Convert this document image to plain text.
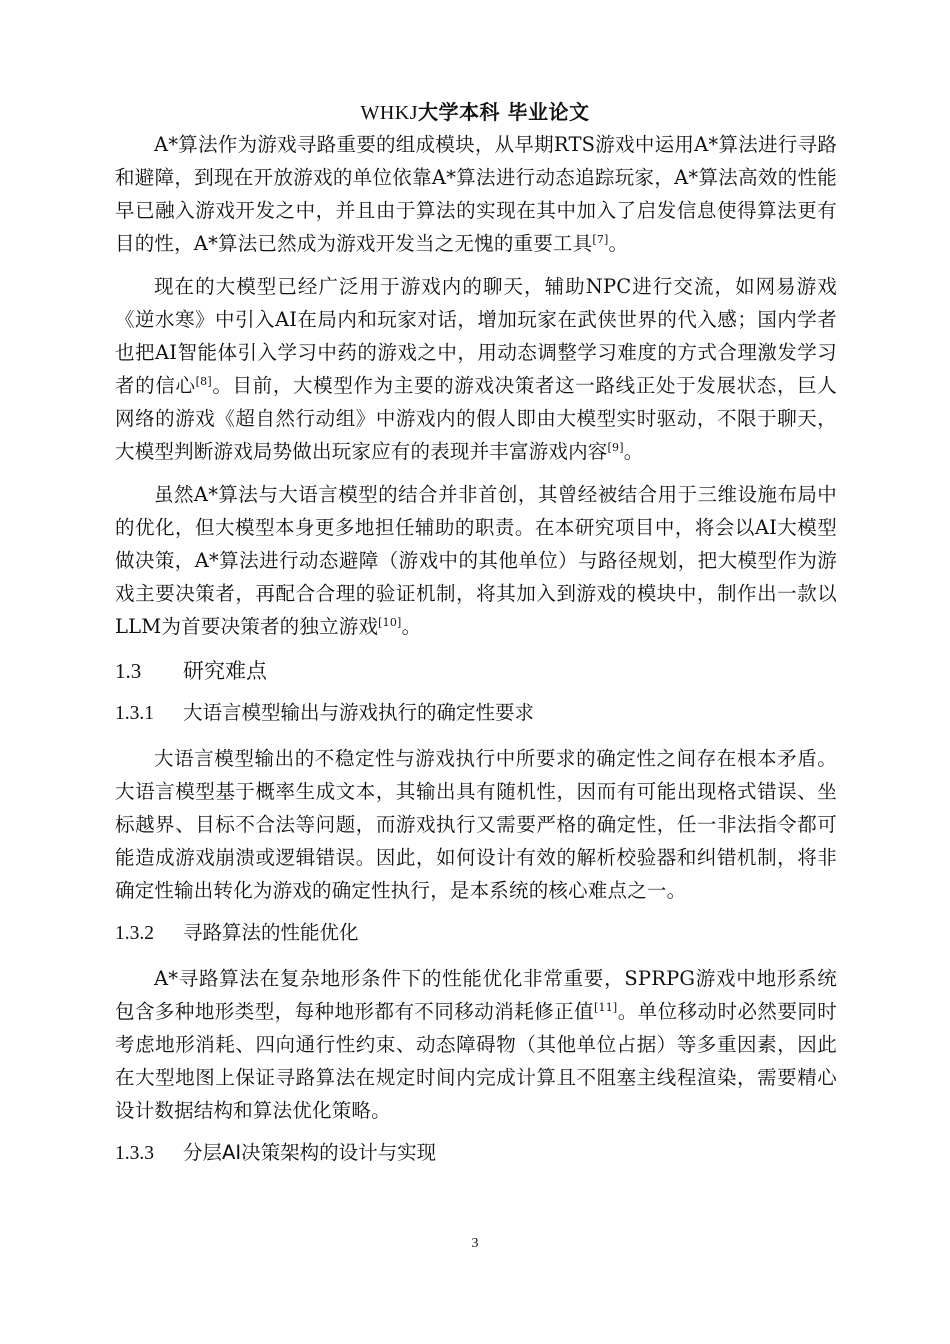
WHKJ大学本科 毕业论文

A*算法作为游戏寻路重要的组成模块，从早期RTS游戏中运用A*算法进行寻路和避障，到现在开放游戏的单位依靠A*算法进行动态追踪玩家，A*算法高效的性能早已融入游戏开发之中，并且由于算法的实现在其中加入了启发信息使得算法更有目的性，A*算法已然成为游戏开发当之无愧的重要工具[7]。

现在的大模型已经广泛用于游戏内的聊天，辅助NPC进行交流，如网易游戏《逆水寒》中引入AI在局内和玩家对话，增加玩家在武侠世界的代入感；国内学者也把AI智能体引入学习中药的游戏之中，用动态调整学习难度的方式合理激发学习者的信心[8]。目前，大模型作为主要的游戏决策者这一路线正处于发展状态，巨人网络的游戏《超自然行动组》中游戏内的假人即由大模型实时驱动，不限于聊天，大模型判断游戏局势做出玩家应有的表现并丰富游戏内容[9]。

虽然A*算法与大语言模型的结合并非首创，其曾经被结合用于三维设施布局中的优化，但大模型本身更多地担任辅助的职责。在本研究项目中，将会以AI大模型做决策，A*算法进行动态避障（游戏中的其他单位）与路径规划，把大模型作为游戏主要决策者，再配合合理的验证机制，将其加入到游戏的模块中，制作出一款以LLM为首要决策者的独立游戏[10]。

1.3 研究难点
1.3.1 大语言模型输出与游戏执行的确定性要求

大语言模型输出的不稳定性与游戏执行中所要求的确定性之间存在根本矛盾。大语言模型基于概率生成文本，其输出具有随机性，因而有可能出现格式错误、坐标越界、目标不合法等问题，而游戏执行又需要严格的确定性，任一非法指令都可能造成游戏崩溃或逻辑错误。因此，如何设计有效的解析校验器和纠错机制，将非确定性输出转化为游戏的确定性执行，是本系统的核心难点之一。

1.3.2 寻路算法的性能优化

A*寻路算法在复杂地形条件下的性能优化非常重要，SPRPG游戏中地形系统包含多种地形类型，每种地形都有不同移动消耗修正值[11]。单位移动时必然要同时考虑地形消耗、四向通行性约束、动态障碍物（其他单位占据）等多重因素，因此在大型地图上保证寻路算法在规定时间内完成计算且不阻塞主线程渲染，需要精心设计数据结构和算法优化策略。

1.3.3 分层AI决策架构的设计与实现
3
